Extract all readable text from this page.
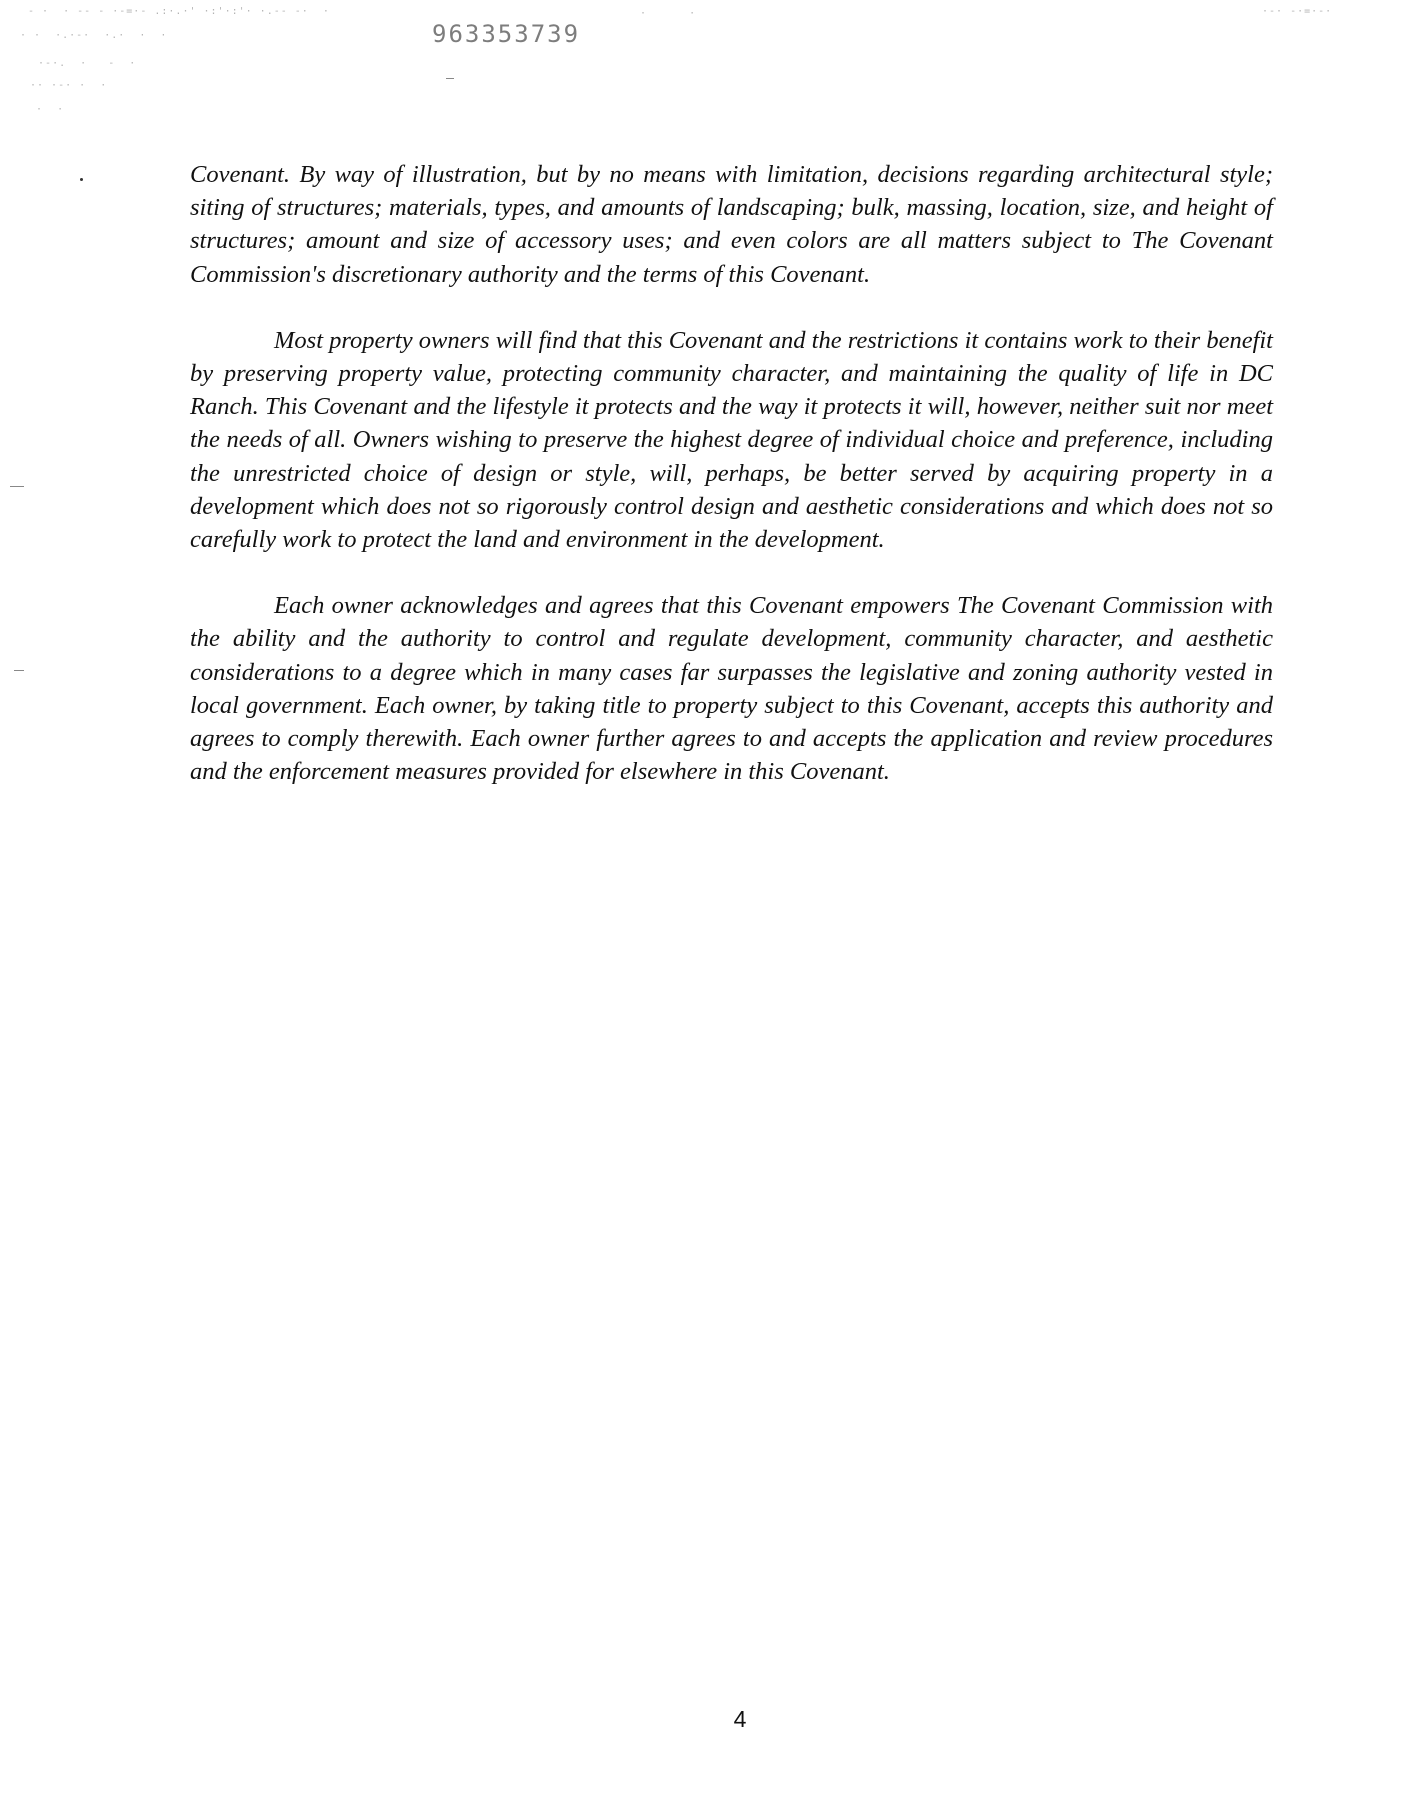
- ·  · -- ‐ ·-=·- .:·.·' ·:'·:'· ·.-- -·  ·
· ·  ·.·-·  ·.·  ·  ·
·-·.  ·   -  ·
·· ·-· ·  ·
·  ·
·-· -·=·-·
·      ·
963353739

Covenant. By way of illustration, but by no means with limitation, decisions regarding architectural style; siting of structures; materials, types, and amounts of landscaping; bulk, massing, location, size, and height of structures; amount and size of accessory uses; and even colors are all matters subject to The Covenant Commission's discretionary authority and the terms of this Covenant.

Most property owners will find that this Covenant and the restrictions it contains work to their benefit by preserving property value, protecting community character, and maintaining the quality of life in DC Ranch. This Covenant and the lifestyle it protects and the way it protects it will, however, neither suit nor meet the needs of all. Owners wishing to preserve the highest degree of individual choice and preference, including the unrestricted choice of design or style, will, perhaps, be better served by acquiring property in a development which does not so rigorously control design and aesthetic considerations and which does not so carefully work to protect the land and environment in the development.

Each owner acknowledges and agrees that this Covenant empowers The Covenant Commission with the ability and the authority to control and regulate development, community character, and aesthetic considerations to a degree which in many cases far surpasses the legislative and zoning authority vested in local government. Each owner, by taking title to property subject to this Covenant, accepts this authority and agrees to comply therewith. Each owner further agrees to and accepts the application and review procedures and the enforcement measures provided for elsewhere in this Covenant.

4
